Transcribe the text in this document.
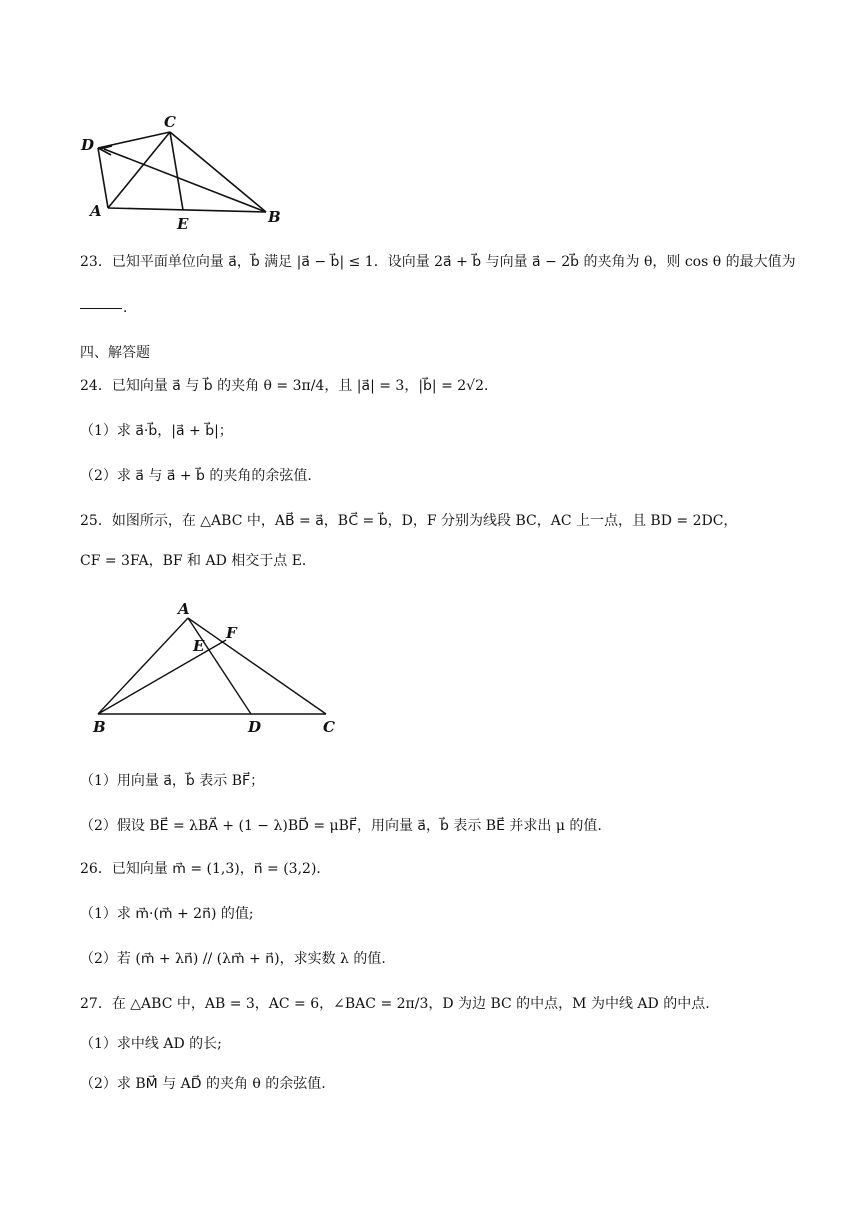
C
D
A
E	B
23．已知平面单位向量 a⃗，b⃗ 满足 |a⃗ − b⃗| ≤ 1．设向量 2a⃗ + b⃗ 与向量 a⃗ − 2b⃗ 的夹角为 θ，则 cos θ 的最大值为
.
四、解答题
24．已知向量 a⃗ 与 b⃗ 的夹角 θ = 3π/4，且 |a⃗| = 3，|b⃗| = 2√2．
（1）求 a⃗·b⃗，|a⃗ + b⃗|；
（2）求 a⃗ 与 a⃗ + b⃗ 的夹角的余弦值.
25．如图所示，在 △ABC 中，AB⃗ = a⃗，BC⃗ = b⃗，D，F 分别为线段 BC，AC 上一点，且 BD = 2DC，
CF = 3FA，BF 和 AD 相交于点 E．
A
E
F
B	D	C
（1）用向量 a⃗，b⃗ 表示 BF⃗；
（2）假设 BE⃗ = λBA⃗ + (1 − λ)BD⃗ = μBF⃗，用向量 a⃗，b⃗ 表示 BE⃗ 并求出 μ 的值.
26．已知向量 m⃗ = (1,3)，n⃗ = (3,2)．
（1）求 m⃗·(m⃗ + 2n⃗) 的值;
（2）若 (m⃗ + λn⃗) // (λm⃗ + n⃗)，求实数 λ 的值.
27．在 △ABC 中，AB = 3，AC = 6，∠BAC = 2π/3，D 为边 BC 的中点，M 为中线 AD 的中点.
（1）求中线 AD 的长;
（2）求 BM⃗ 与 AD⃗ 的夹角 θ 的余弦值.
